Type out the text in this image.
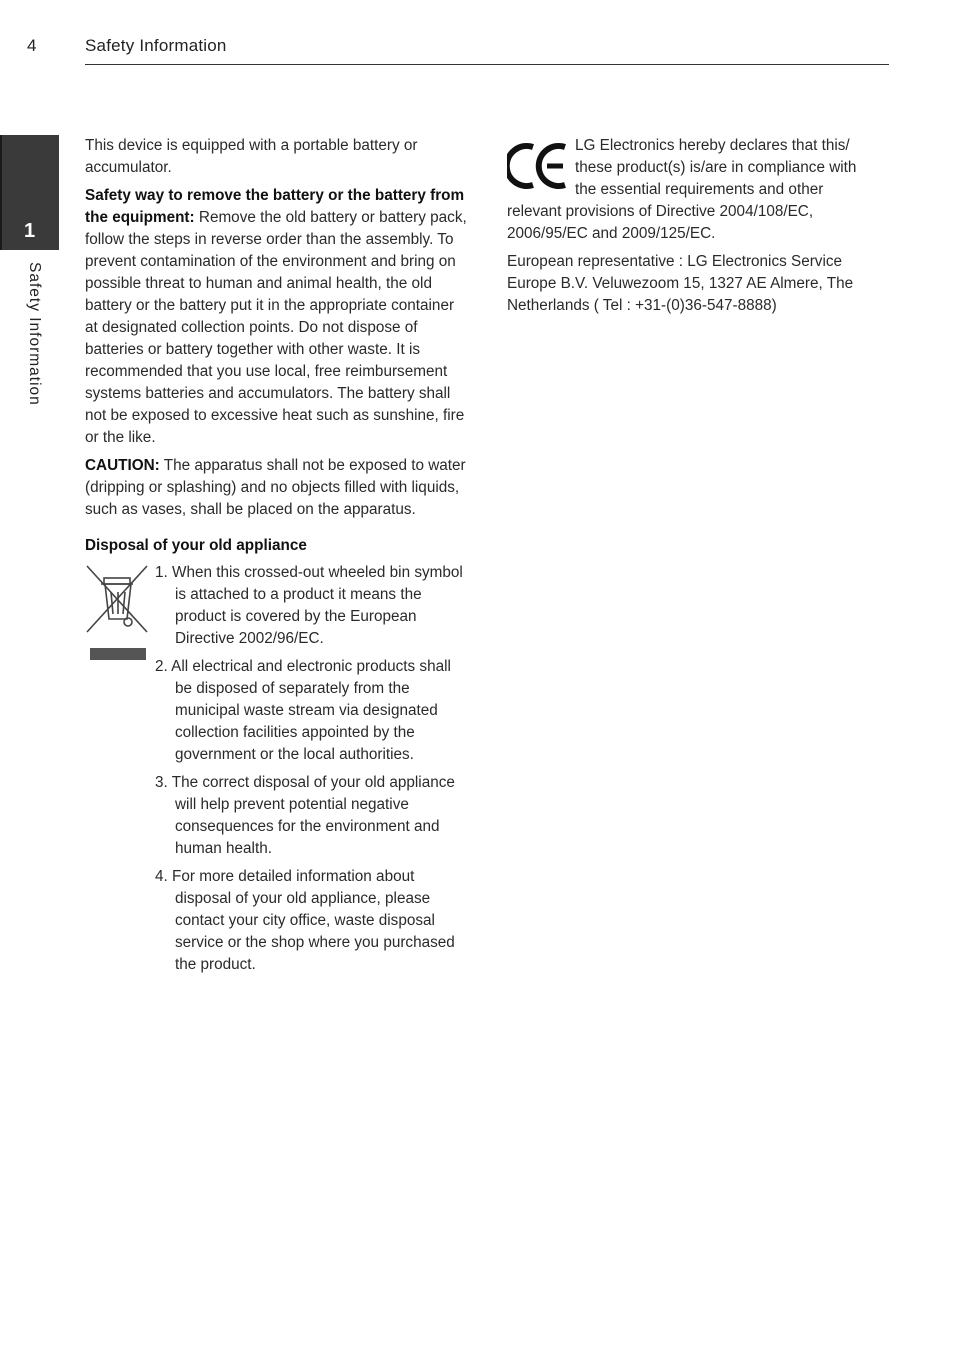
4	Safety Information
1
Safety Information

This device is equipped with a portable battery or accumulator.

Safety way to remove the battery or the battery from the equipment: Remove the old battery or battery pack, follow the steps in reverse order than the assembly. To prevent contamination of the environment and bring on possible threat to human and animal health, the old battery or the battery put it in the appropriate container at designated collection points. Do not dispose of batteries or battery together with other waste. It is recommended that you use local, free reimbursement systems batteries and accumulators. The battery shall not be exposed to excessive heat such as sunshine, fire or the like.

CAUTION: The apparatus shall not be exposed to water (dripping or splashing) and no objects filled with liquids, such as vases, shall be placed on the apparatus.

Disposal of your old appliance

1. When this crossed-out wheeled bin symbol is attached to a product it means the product is covered by the European Directive 2002/96/EC.
2. All electrical and electronic products shall be disposed of separately from the municipal waste stream via designated collection facilities appointed by the government or the local authorities.
3. The correct disposal of your old appliance will help prevent potential negative consequences for the environment and human health.
4. For more detailed information about disposal of your old appliance, please contact your city office, waste disposal service or the shop where you purchased the product.

LG Electronics hereby declares that this/ these product(s) is/are in compliance with the essential requirements and other relevant provisions of Directive 2004/108/EC, 2006/95/EC and 2009/125/EC.

European representative : LG Electronics Service Europe B.V. Veluwezoom 15, 1327 AE Almere, The Netherlands ( Tel : +31-(0)36-547-8888)
